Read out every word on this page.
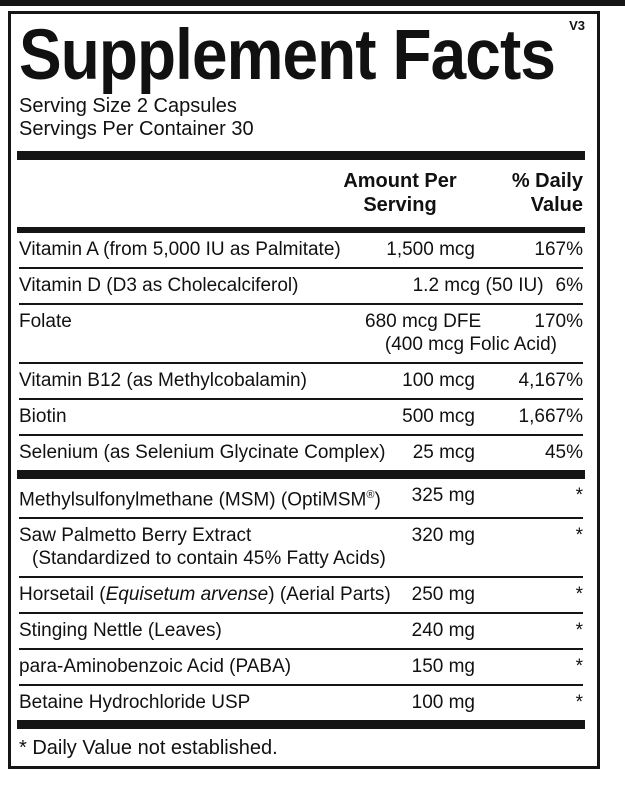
Supplement Facts V3
Serving Size 2 Capsules
Servings Per Container 30
Amount Per
Serving
% Daily
Value
Vitamin A (from 5,000 IU as Palmitate)	1,500 mcg	167%
Vitamin D (D3 as Cholecalciferol)	1.2 mcg (50 IU) 6%
Folate	680 mcg DFE	170%
(400 mcg Folic Acid)
Vitamin B12 (as Methylcobalamin)	100 mcg	4,167%
Biotin	500 mcg	1,667%
Selenium (as Selenium Glycinate Complex)	25 mcg	45%
Methylsulfonylmethane (MSM) (OptiMSM®)	325 mg	*
Saw Palmetto Berry Extract	320 mg	*
(Standardized to contain 45% Fatty Acids)
Horsetail (Equisetum arvense) (Aerial Parts)	250 mg	*
Stinging Nettle (Leaves)	240 mg	*
para-Aminobenzoic Acid (PABA)	150 mg	*
Betaine Hydrochloride USP	100 mg	*
* Daily Value not established.
